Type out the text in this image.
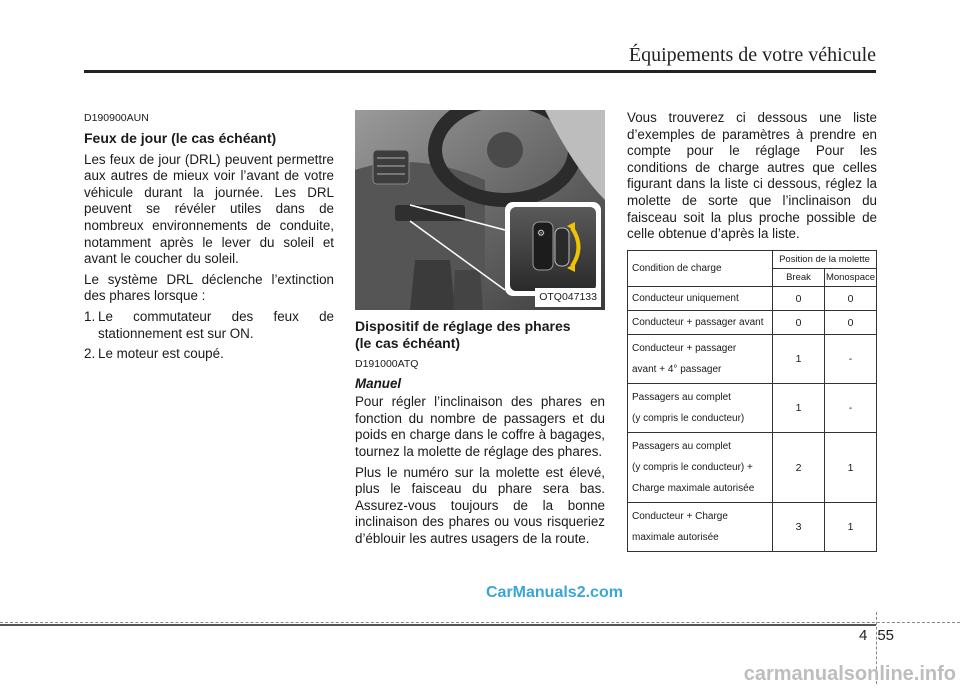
Équipements de votre véhicule
D190900AUN
Feux de jour (le cas échéant)

Les feux de jour (DRL) peuvent permettre aux autres de mieux voir l’avant de votre véhicule durant la journée. Les DRL peuvent se révéler utiles dans de nombreux environnements de conduite, notamment après le lever du soleil et avant le coucher du soleil.

Le système DRL déclenche l’extinction des phares lorsque :

1. Le commutateur des feux de stationnement est sur ON.
2. Le moteur est coupé.
⚙
OTQ047133
Dispositif de réglage des phares
(le cas échéant)
D191000ATQ
Manuel

Pour régler l’inclinaison des phares en fonction du nombre de passagers et du poids en charge dans le coffre à bagages, tournez la molette de réglage des phares.

Plus le numéro sur la molette est élevé, plus le faisceau du phare sera bas. Assurez-vous toujours de la bonne inclinaison des phares ou vous risqueriez d’éblouir les autres usagers de la route.

Vous trouverez ci dessous une liste d’exemples de paramètres à prendre en compte pour le réglage Pour les conditions de charge autres que celles figurant dans la liste ci dessous, réglez la molette de sorte que l’inclinaison du faisceau soit la plus proche possible de celle obtenue d’après la liste.

Condition de charge	Position de la molette	
	Break	Monospace

Conducteur uniquement	0	0

Conducteur + passager avant	0	0

Conducteur + passager
avant + 4° passager	1	-

Passagers au complet
(y compris le conducteur)	1	-

Passagers au complet
(y compris le conducteur) +
Charge maximale autorisée	2	1

Conducteur + Charge
maximale autorisée	3	1
CarManuals2.com
4 55
carmanualsonline.info
